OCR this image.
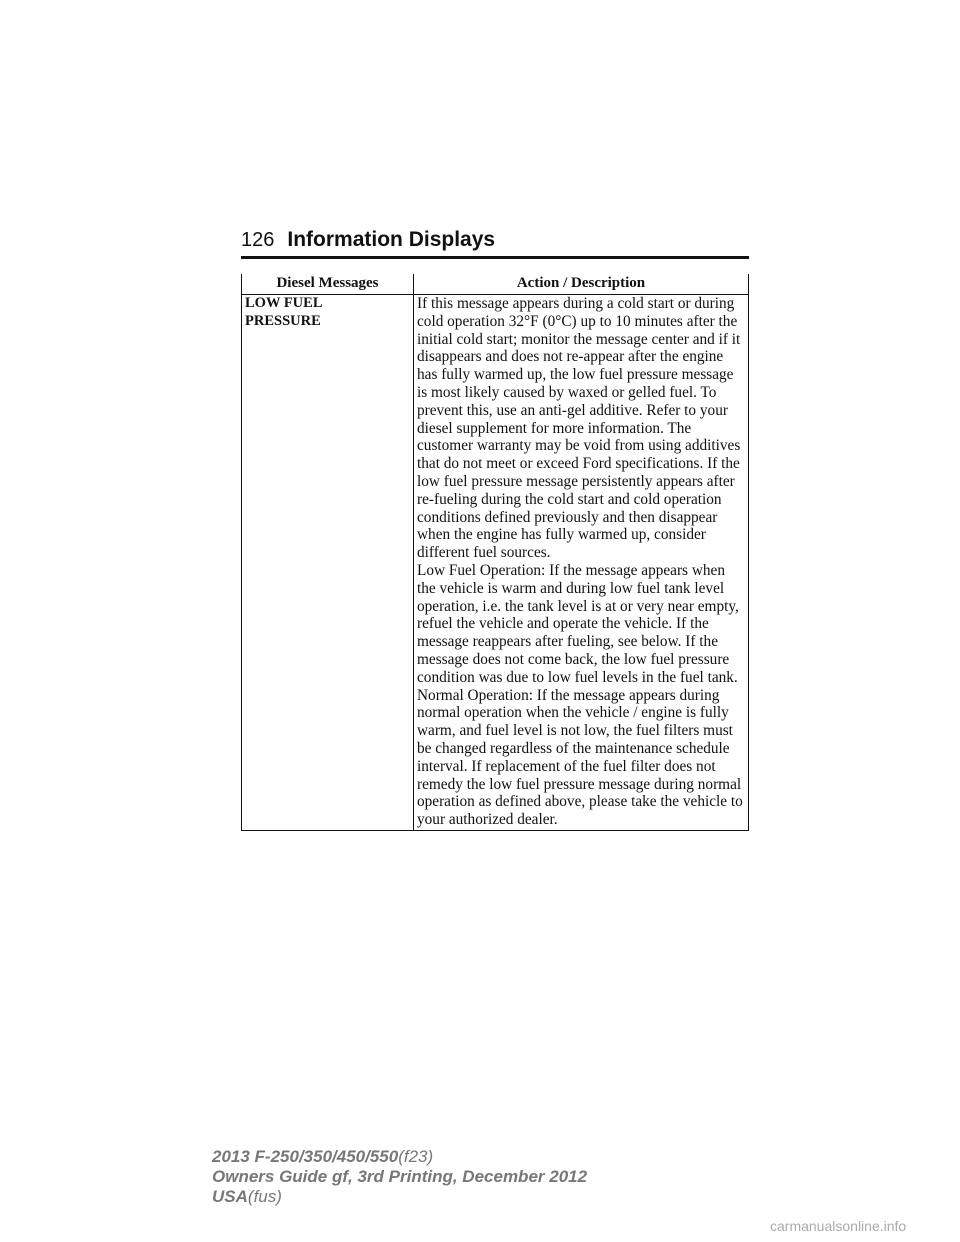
126 Information Displays
Diesel Messages	Action / Description

LOW FUEL
PRESSURE	If this message appears during a cold start or during cold operation 32°F (0°C) up to 10 minutes after the initial cold start; monitor the message center and if it disappears and does not re-appear after the engine has fully warmed up, the low fuel pressure message is most likely caused by waxed or gelled fuel. To prevent this, use an anti-gel additive. Refer to your diesel supplement for more information. The customer warranty may be void from using additives that do not meet or exceed Ford specifications. If the low fuel pressure message persistently appears after re-fueling during the cold start and cold operation conditions defined previously and then disappear when the engine has fully warmed up, consider different fuel sources.
Low Fuel Operation: If the message appears when the vehicle is warm and during low fuel tank level operation, i.e. the tank level is at or very near empty, refuel the vehicle and operate the vehicle. If the message reappears after fueling, see below. If the message does not come back, the low fuel pressure condition was due to low fuel levels in the fuel tank.
Normal Operation: If the message appears during normal operation when the vehicle / engine is fully warm, and fuel level is not low, the fuel filters must be changed regardless of the maintenance schedule interval. If replacement of the fuel filter does not remedy the low fuel pressure message during normal operation as defined above, please take the vehicle to your authorized dealer.
2013 F-250/350/450/550(f23)
Owners Guide gf, 3rd Printing, December 2012
USA(fus)
carmanualsonline.info
